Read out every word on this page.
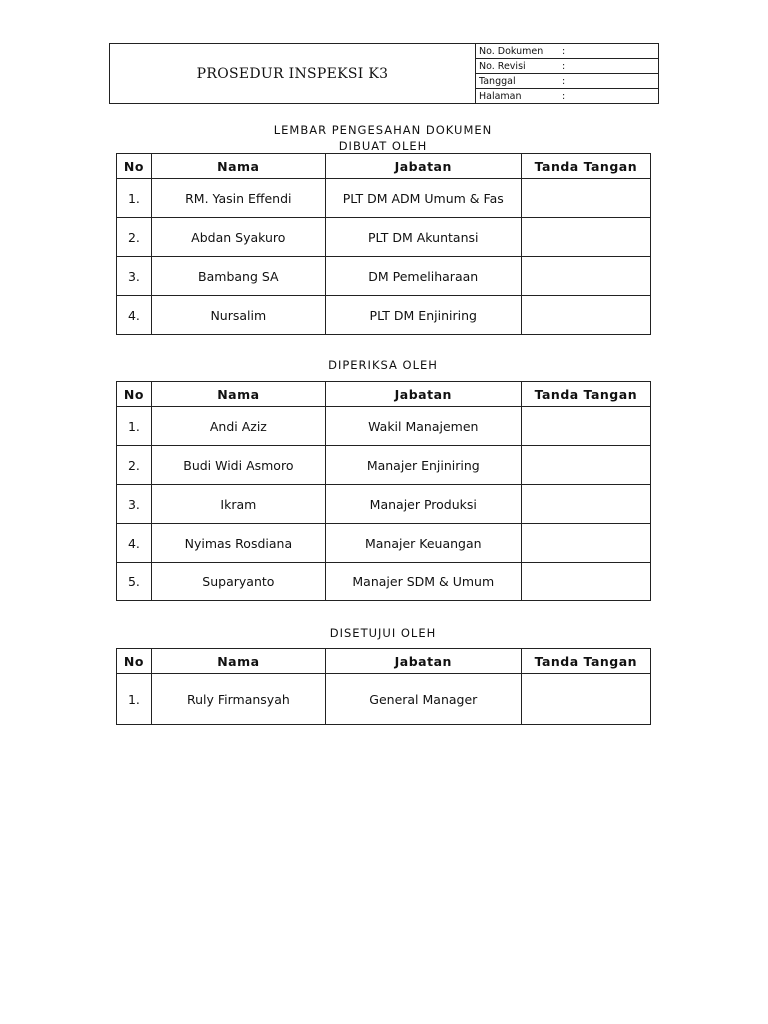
PROSEDUR INSPEKSI K3
No. Dokumen :

No. Revisi	:

Tanggal	:

Halaman	:
LEMBAR PENGESAHAN DOKUMEN
DIBUAT OLEH
No	Nama	Jabatan	Tanda Tangan
1.	RM. Yasin Effendi	PLT DM ADM Umum & Fas	
2.	Abdan Syakuro	PLT DM Akuntansi	
3.	Bambang SA	DM Pemeliharaan	
4.	Nursalim	PLT DM Enjiniring	
DIPERIKSA OLEH
No	Nama	Jabatan	Tanda Tangan
1.	Andi Aziz	Wakil Manajemen	
2.	Budi Widi Asmoro	Manajer Enjiniring	
3.	Ikram	Manajer Produksi	
4.	Nyimas Rosdiana	Manajer Keuangan	
5.	Suparyanto	Manajer SDM & Umum	
DISETUJUI OLEH
No	Nama	Jabatan	Tanda Tangan
1.	Ruly Firmansyah	General Manager	
